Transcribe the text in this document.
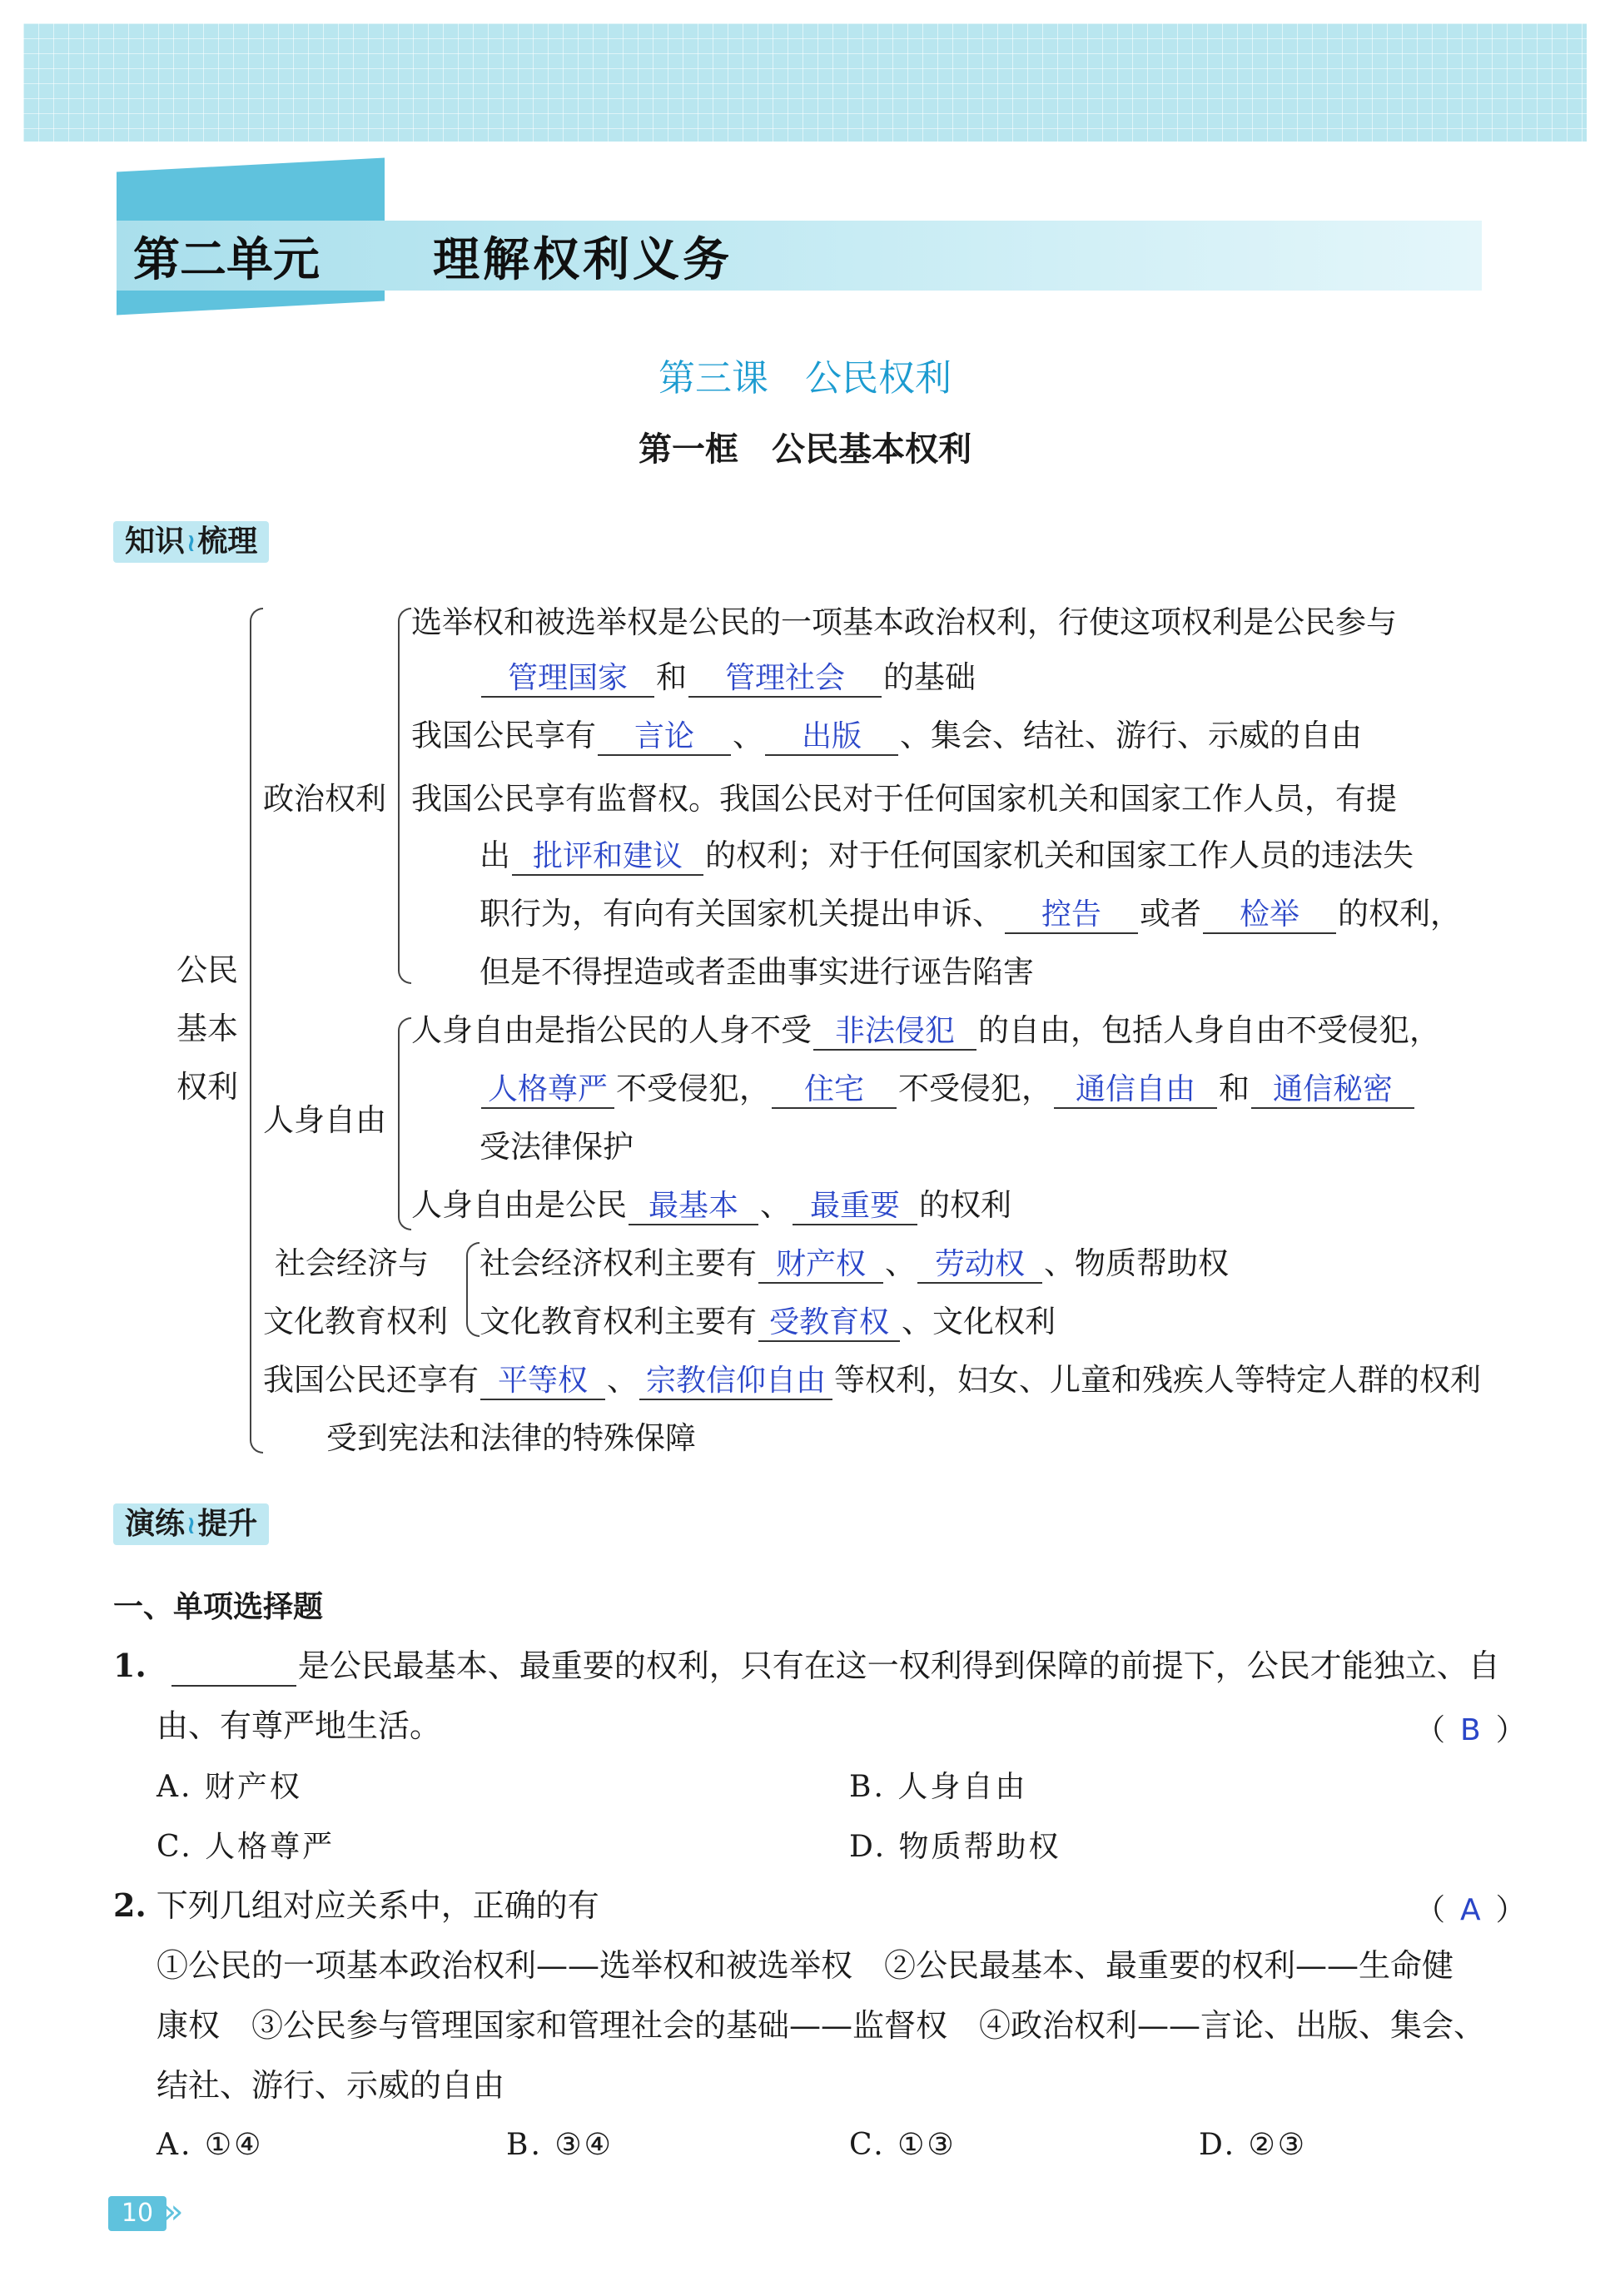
第二单元 理解权利义务
第三课　公民权利
第一框　公民基本权利
知识≀梳理
公民
基本
权利
政治权利
选举权和被选举权是公民的一项基本政治权利，行使这项权利是公民参与
管理国家 和 管理社会 的基础
我国公民享有 言论 、 出版 、集会、结社、游行、示威的自由
我国公民享有监督权。我国公民对于任何国家机关和国家工作人员，有提
出 批评和建议 的权利；对于任何国家机关和国家工作人员的违法失
职行为，有向有关国家机关提出申诉、 控告 或者 检举 的权利，
但是不得捏造或者歪曲事实进行诬告陷害
人身自由
人身自由是指公民的人身不受 非法侵犯 的自由，包括人身自由不受侵犯，
人格尊严 不受侵犯， 住宅 不受侵犯， 通信自由 和 通信秘密
受法律保护
人身自由是公民 最基本 、 最重要 的权利
社会经济与
文化教育权利
社会经济权利主要有 财产权 、 劳动权 、物质帮助权
文化教育权利主要有 受教育权 、文化权利
我国公民还享有 平等权 、 宗教信仰自由 等权利，妇女、儿童和残疾人等特定人群的权利
受到宪法和法律的特殊保障
演练≀提升
一、单项选择题
1.	是公民最基本、最重要的权利，只有在这一权利得到保障的前提下，公民才能独立、自
由、有尊严地生活。	（ B ）
A. 财产权	B. 人身自由
C. 人格尊严	D. 物质帮助权
2. 下列几组对应关系中，正确的有	（ A ）
①公民的一项基本政治权利——选举权和被选举权　②公民最基本、最重要的权利——生命健
康权　③公民参与管理国家和管理社会的基础——监督权　④政治权利——言论、出版、集会、
结社、游行、示威的自由
A. ①④	B. ③④	C. ①③	D. ②③
10 »
